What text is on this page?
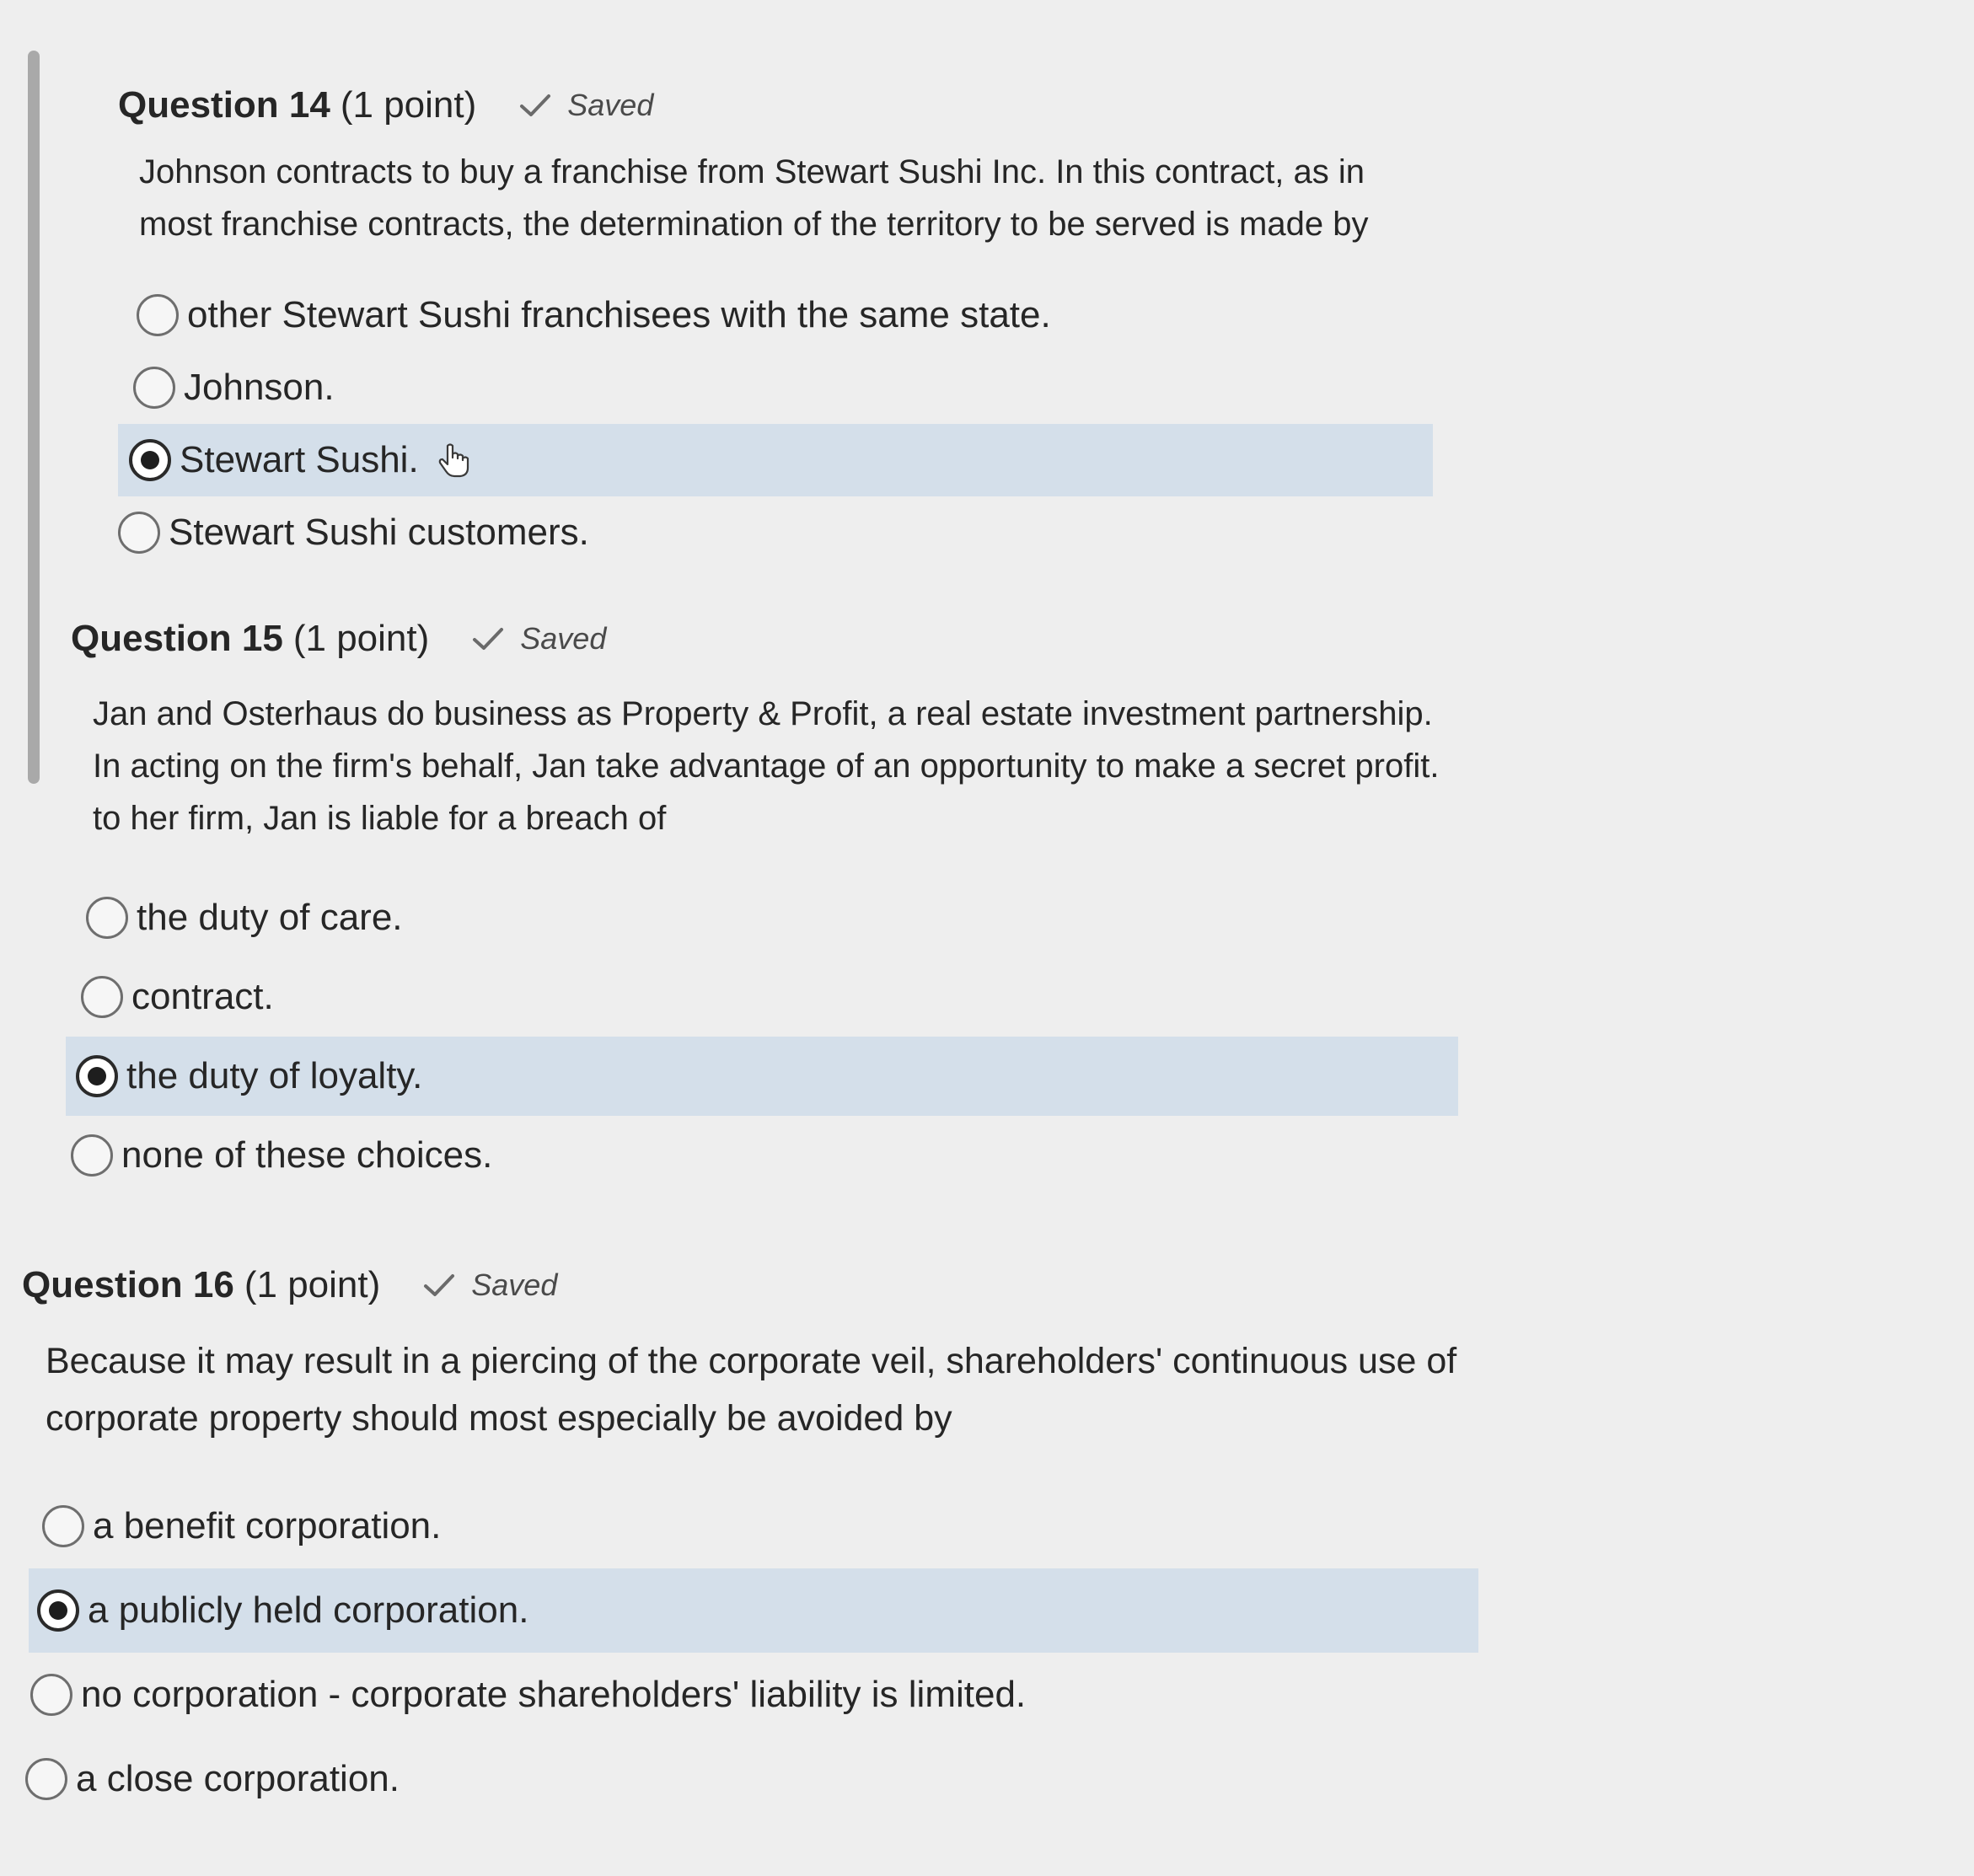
Question 14 (1 point)	Saved
Johnson contracts to buy a franchise from Stewart Sushi Inc. In this contract, as in most franchise contracts, the determination of the territory to be served is made by
other Stewart Sushi franchisees with the same state.
Johnson.
Stewart Sushi.
Stewart Sushi customers.
Question 15 (1 point)	Saved
Jan and Osterhaus do business as Property & Profit, a real estate investment partnership. In acting on the firm's behalf, Jan take advantage of an opportunity to make a secret profit. to her firm, Jan is liable for a breach of
the duty of care.
contract.
the duty of loyalty.
none of these choices.
Question 16 (1 point)	Saved
Because it may result in a piercing of the corporate veil, shareholders' continuous use of corporate property should most especially be avoided by
a benefit corporation.
a publicly held corporation.
no corporation - corporate shareholders' liability is limited.
a close corporation.
